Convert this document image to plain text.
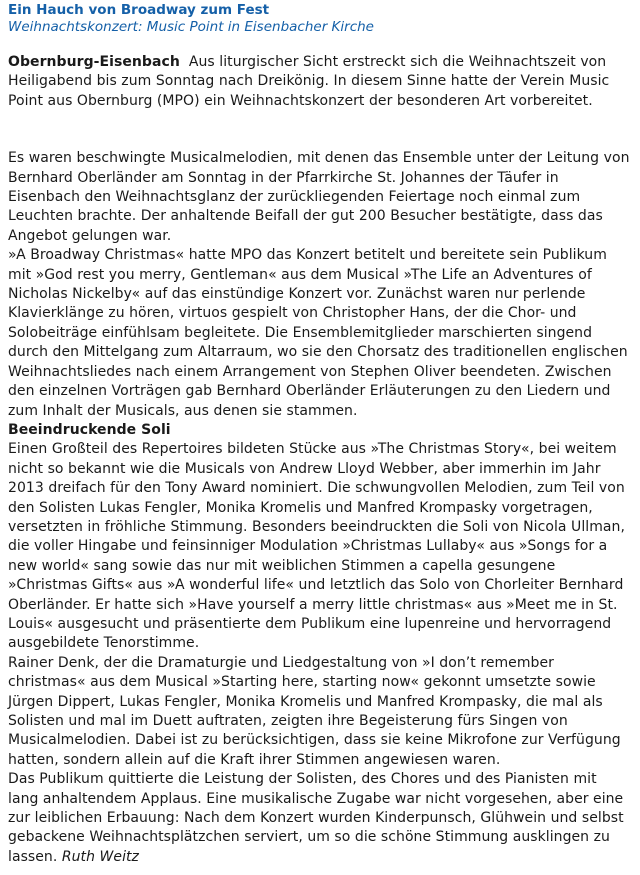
Ein Hauch von Broadway zum Fest
Weihnachtskonzert: Music Point in Eisenbacher Kirche

Obernburg-Eisenbach Aus liturgischer Sicht erstreckt sich die Weihnachtszeit von Heiligabend bis zum Sonntag nach Dreikönig. In diesem Sinne hatte der Verein Music Point aus Obernburg (MPO) ein Weihnachtskonzert der besonderen Art vorbereitet.

Es waren beschwingte Musicalmelodien, mit denen das Ensemble unter der Leitung von Bernhard Oberländer am Sonntag in der Pfarrkirche St. Johannes der Täufer in Eisenbach den Weihnachtsglanz der zurückliegenden Feiertage noch einmal zum Leuchten brachte. Der anhaltende Beifall der gut 200 Besucher bestätigte, dass das Angebot gelungen war.

»A Broadway Christmas« hatte MPO das Konzert betitelt und bereitete sein Publikum mit »God rest you merry, Gentleman« aus dem Musical »The Life an Adventures of Nicholas Nickelby« auf das einstündige Konzert vor. Zunächst waren nur perlende Klavierklänge zu hören, virtuos gespielt von Christopher Hans, der die Chor- und Solobeiträge einfühlsam begleitete. Die Ensemblemitglieder marschierten singend durch den Mittelgang zum Altarraum, wo sie den Chorsatz des traditionellen englischen Weihnachtsliedes nach einem Arrangement von Stephen Oliver beendeten. Zwischen den einzelnen Vorträgen gab Bernhard Oberländer Erläuterungen zu den Liedern und zum Inhalt der Musicals, aus denen sie stammen.

Beeindruckende Soli

Einen Großteil des Repertoires bildeten Stücke aus »The Christmas Story«, bei weitem nicht so bekannt wie die Musicals von Andrew Lloyd Webber, aber immerhin im Jahr 2013 dreifach für den Tony Award nominiert. Die schwungvollen Melodien, zum Teil von den Solisten Lukas Fengler, Monika Kromelis und Manfred Krompasky vorgetragen, versetzten in fröhliche Stimmung. Besonders beeindruckten die Soli von Nicola Ullman, die voller Hingabe und feinsinniger Modulation »Christmas Lullaby« aus »Songs for a new world« sang sowie das nur mit weiblichen Stimmen a capella gesungene »Christmas Gifts« aus »A wonderful life« und letztlich das Solo von Chorleiter Bernhard Oberländer. Er hatte sich »Have yourself a merry little christmas« aus »Meet me in St. Louis« ausgesucht und präsentierte dem Publikum eine lupenreine und hervorragend ausgebildete Tenorstimme.

Rainer Denk, der die Dramaturgie und Liedgestaltung von »I don’t remember christmas« aus dem Musical »Starting here, starting now« gekonnt umsetzte sowie Jürgen Dippert, Lukas Fengler, Monika Kromelis und Manfred Krompasky, die mal als Solisten und mal im Duett auftraten, zeigten ihre Begeisterung fürs Singen von Musicalmelodien. Dabei ist zu berücksichtigen, dass sie keine Mikrofone zur Verfügung hatten, sondern allein auf die Kraft ihrer Stimmen angewiesen waren.

Das Publikum quittierte die Leistung der Solisten, des Chores und des Pianisten mit lang anhaltendem Applaus. Eine musikalische Zugabe war nicht vorgesehen, aber eine zur leiblichen Erbauung: Nach dem Konzert wurden Kinderpunsch, Glühwein und selbst gebackene Weihnachtsplätzchen serviert, um so die schöne Stimmung ausklingen zu lassen. Ruth Weitz
